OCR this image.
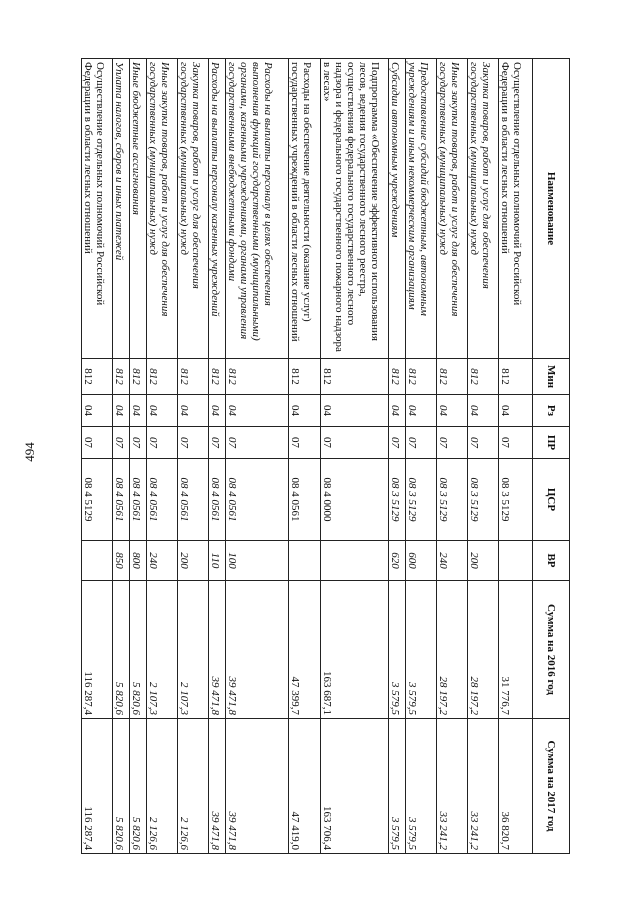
494
Наименование	Мин	Рз	ПР	ЦСР	ВР	Сумма на 2016 год	Сумма на 2017 год
Осуществление отдельных полномочий Российской Федерации в области лесных отношений	812	04	07	08 3 5129		31 776,7	36 820,7
Закупка товаров, работ и услуг для обеспечения государственных (муниципальных) нужд	812	04	07	08 3 5129	200	28 197,2	33 241,2
Иные закупки товаров, работ и услуг для обеспечения государственных (муниципальных) нужд	812	04	07	08 3 5129	240	28 197,2	33 241,2
Предоставление субсидий бюджетным, автономным учреждениям и иным некоммерческим организациям	812	04	07	08 3 5129	600	3 579,5	3 579,5
Субсидии автономным учреждениям	812	04	07	08 3 5129	620	3 579,5	3 579,5
Подпрограмма «Обеспечение эффективного использования лесов, ведения государственного лесного реестра, осуществления федерального государственного лесного надзора и федерального государственного пожарного надзора в лесах»	812	04	07	08 4 0000		163 687,1	163 706,4
Расходы на обеспечение деятельности (оказание услуг) государственных учреждений в области лесных отношений	812	04	07	08 4 0561		47 399,7	47 419,0
Расходы на выплаты персоналу в целях обеспечения выполнения функций государственными (муниципальными) органами, казенными учреждениями, органами управления государственными внебюджетными фондами	812	04	07	08 4 0561	100	39 471,8	39 471,8
Расходы на выплаты персоналу казенных учреждений	812	04	07	08 4 0561	110	39 471,8	39 471,8
Закупка товаров, работ и услуг для обеспечения государственных (муниципальных) нужд	812	04	07	08 4 0561	200	2 107,3	2 126,6
Иные закупки товаров, работ и услуг для обеспечения государственных (муниципальных) нужд	812	04	07	08 4 0561	240	2 107,3	2 126,6
Иные бюджетные ассигнования	812	04	07	08 4 0561	800	5 820,6	5 820,6
Уплата налогов, сборов и иных платежей	812	04	07	08 4 0561	850	5 820,6	5 820,6
Осуществление отдельных полномочий Российской Федерации в области лесных отношений	812	04	07	08 4 5129		116 287,4	116 287,4
